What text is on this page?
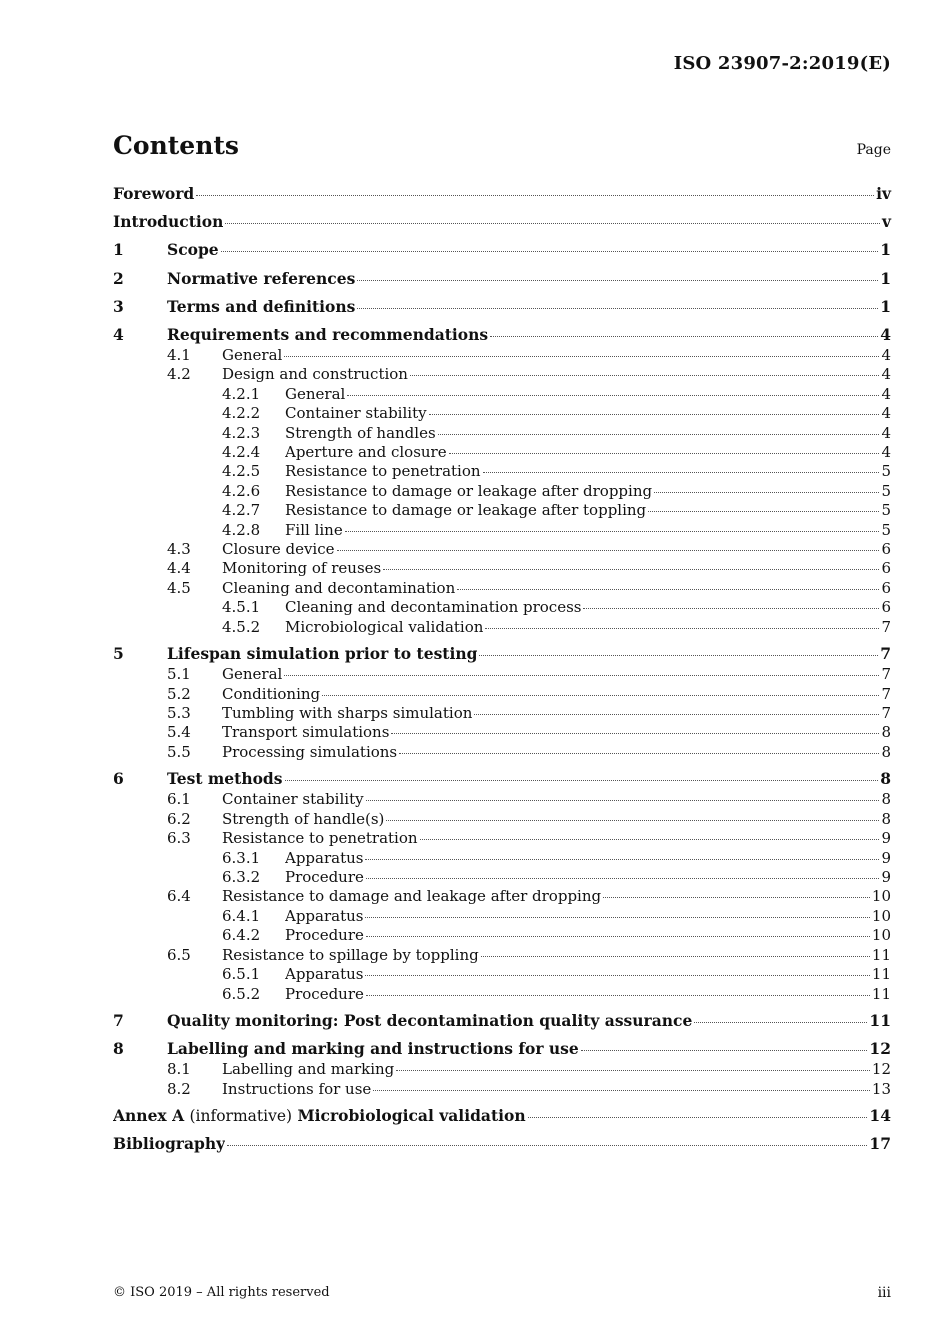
ISO 23907-2:2019(E)
Contents	Page
Foreword	iv
Introduction	v
1	Scope	1
2	Normative references	1
3	Terms and definitions	1
4	Requirements and recommendations	4
4.1	General	4
4.2	Design and construction	4
4.2.1	General	4
4.2.2	Container stability	4
4.2.3	Strength of handles	4
4.2.4	Aperture and closure	4
4.2.5	Resistance to penetration	5
4.2.6	Resistance to damage or leakage after dropping	5
4.2.7	Resistance to damage or leakage after toppling	5
4.2.8	Fill line	5
4.3	Closure device	6
4.4	Monitoring of reuses	6
4.5	Cleaning and decontamination	6
4.5.1	Cleaning and decontamination process	6
4.5.2	Microbiological validation	7
5	Lifespan simulation prior to testing	7
5.1	General	7
5.2	Conditioning	7
5.3	Tumbling with sharps simulation	7
5.4	Transport simulations	8
5.5	Processing simulations	8
6	Test methods	8
6.1	Container stability	8
6.2	Strength of handle(s)	8
6.3	Resistance to penetration	9
6.3.1	Apparatus	9
6.3.2	Procedure	9
6.4	Resistance to damage and leakage after dropping	10
6.4.1	Apparatus	10
6.4.2	Procedure	10
6.5	Resistance to spillage by toppling	11
6.5.1	Apparatus	11
6.5.2	Procedure	11
7	Quality monitoring: Post decontamination quality assurance	11
8	Labelling and marking and instructions for use	12
8.1	Labelling and marking	12
8.2	Instructions for use	13
Annex A (informative) Microbiological validation	14
Bibliography	17
© ISO 2019 – All rights reserved	iii
